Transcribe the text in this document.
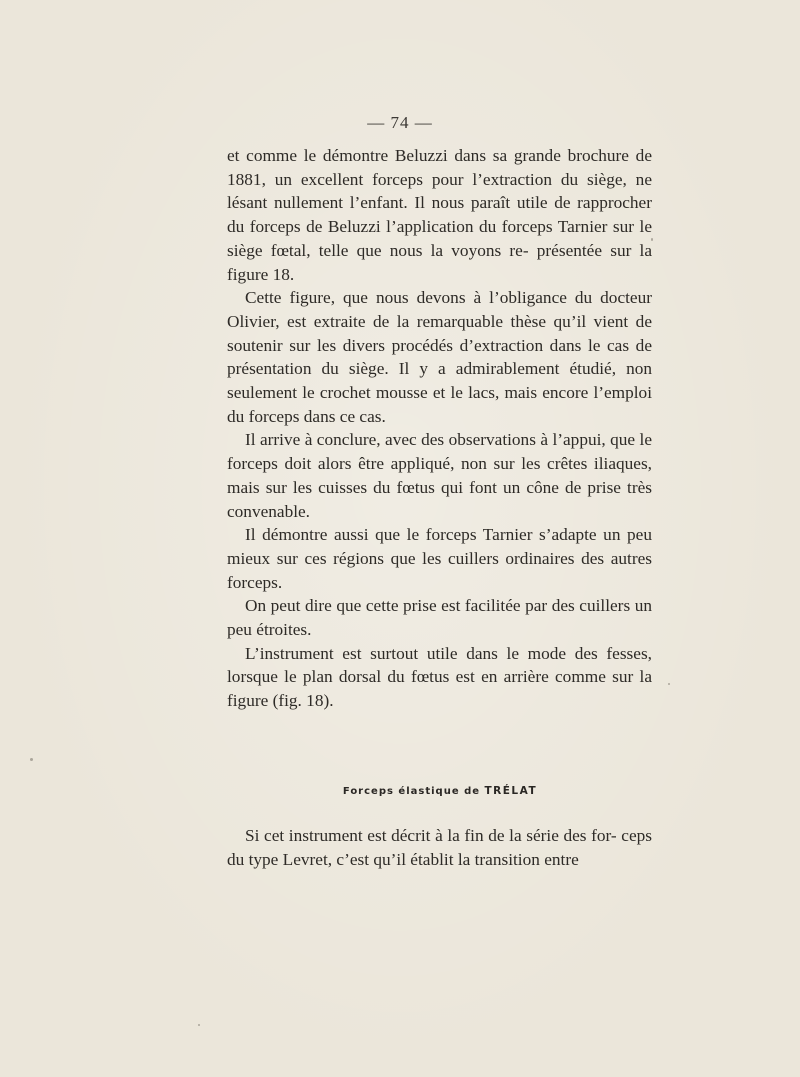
— 74 —

et comme le démontre Beluzzi dans sa grande brochure de 1881, un excellent forceps pour l’extraction du siège, ne lésant nullement l’enfant. Il nous paraît utile de rapprocher du forceps de Beluzzi l’application du forceps Tarnier sur le siège fœtal, telle que nous la voyons re- présentée sur la figure 18.

Cette figure, que nous devons à l’obligance du docteur Olivier, est extraite de la remarquable thèse qu’il vient de soutenir sur les divers procédés d’extraction dans le cas de présentation du siège. Il y a admirablement étudié, non seulement le crochet mousse et le lacs, mais encore l’emploi du forceps dans ce cas.

Il arrive à conclure, avec des observations à l’appui, que le forceps doit alors être appliqué, non sur les crêtes iliaques, mais sur les cuisses du fœtus qui font un cône de prise très convenable.

Il démontre aussi que le forceps Tarnier s’adapte un peu mieux sur ces régions que les cuillers ordinaires des autres forceps.

On peut dire que cette prise est facilitée par des cuillers un peu étroites.

L’instrument est surtout utile dans le mode des fesses, lorsque le plan dorsal du fœtus est en arrière comme sur la figure (fig. 18).

Forceps élastique de TRÉLAT

Si cet instrument est décrit à la fin de la série des for- ceps du type Levret, c’est qu’il établit la transition entre
